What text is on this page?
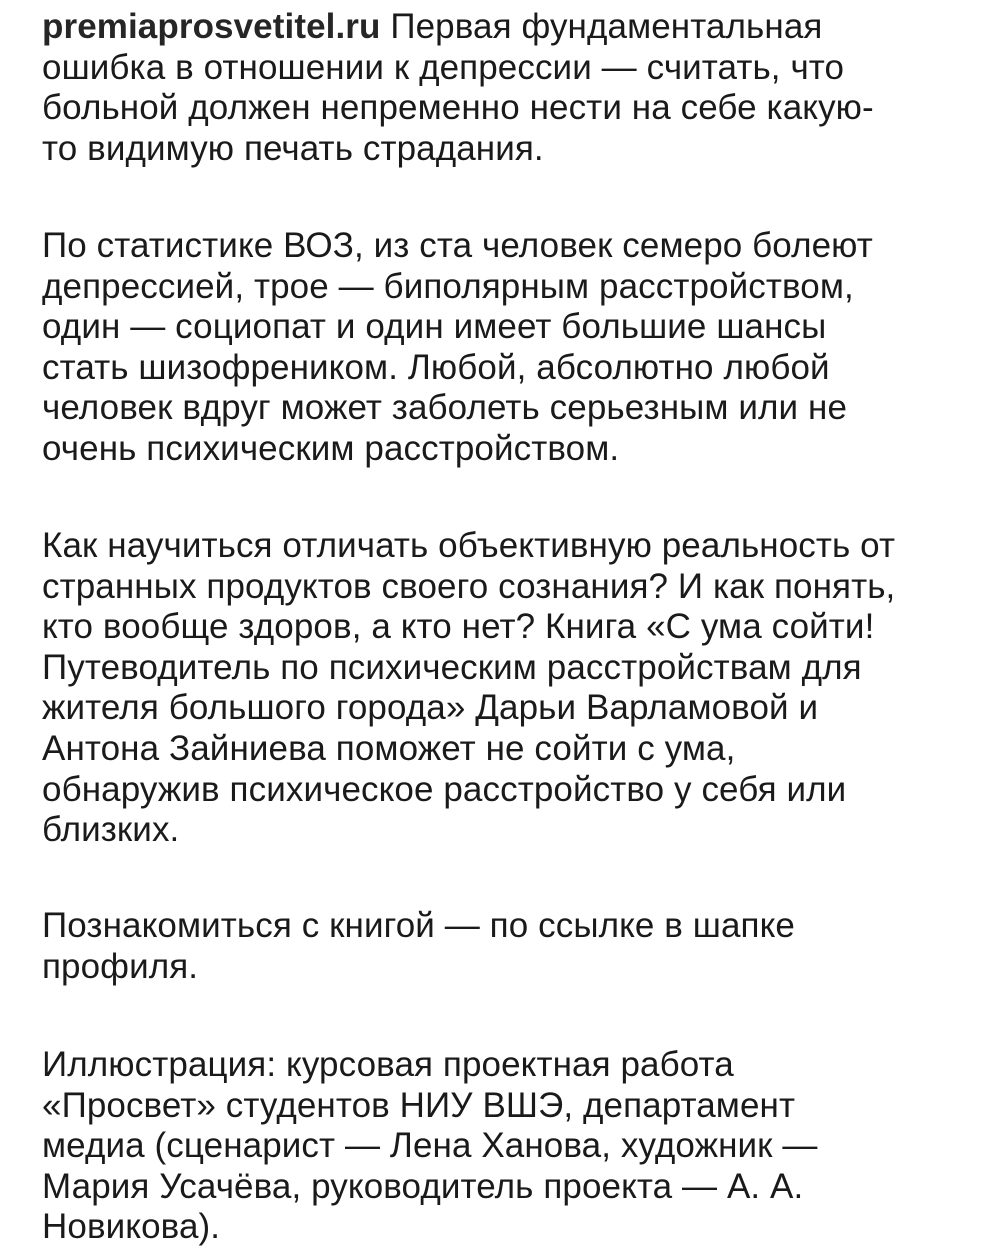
premiaprosvetitel.ru Первая фундаментальная
ошибка в отношении к депрессии — считать, что
больной должен непременно нести на себе какую-
то видимую печать страдания.

По статистике ВОЗ, из ста человек семеро болеют
депрессией, трое — биполярным расстройством,
один — социопат и один имеет большие шансы
стать шизофреником. Любой, абсолютно любой
человек вдруг может заболеть серьезным или не
очень психическим расстройством.

Как научиться отличать объективную реальность от
странных продуктов своего сознания? И как понять,
кто вообще здоров, а кто нет? Книга «С ума сойти!
Путеводитель по психическим расстройствам для
жителя большого города» Дарьи Варламовой и
Антона Зайниева поможет не сойти с ума,
обнаружив психическое расстройство у себя или
близких.

Познакомиться с книгой — по ссылке в шапке
профиля.

Иллюстрация: курсовая проектная работа
«Просвет» студентов НИУ ВШЭ, департамент
медиа (сценарист — Лена Ханова, художник —
Мария Усачёва, руководитель проекта — А. А.
Новикова).
